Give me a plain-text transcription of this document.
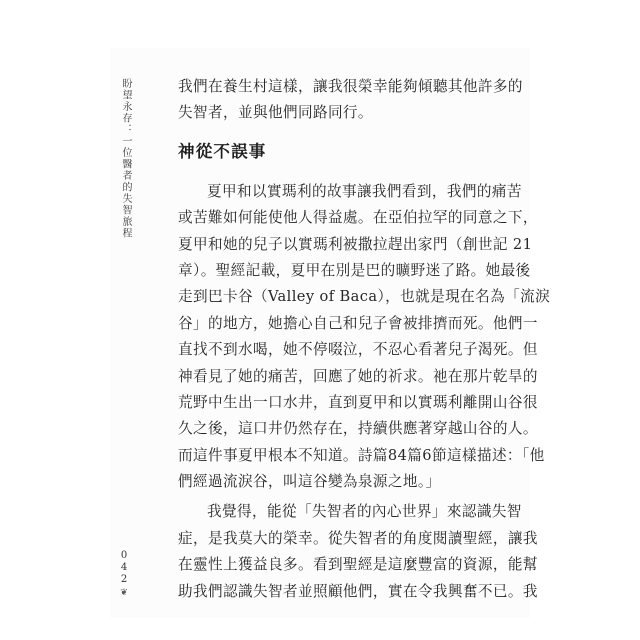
盼望永存：一位醫者的失智旅程
0
4
2
❦
我們在養生村這樣，讓我很榮幸能夠傾聽其他許多的
失智者，並與他們同路同行。
神從不誤事
夏甲和以實瑪利的故事讓我們看到，我們的痛苦
或苦難如何能使他人得益處。在亞伯拉罕的同意之下，
夏甲和她的兒子以實瑪利被撒拉趕出家門（創世記 21
章）。聖經記載，夏甲在別是巴的曠野迷了路。她最後
走到巴卡谷（Valley of Baca），也就是現在名為「流淚
谷」的地方，她擔心自己和兒子會被排擠而死。他們一
直找不到水喝，她不停啜泣，不忍心看著兒子渴死。但
神看見了她的痛苦，回應了她的祈求。祂在那片乾旱的
荒野中生出一口水井，直到夏甲和以實瑪利離開山谷很
久之後，這口井仍然存在，持續供應著穿越山谷的人。
而這件事夏甲根本不知道。詩篇84篇6節這樣描述：「他
們經過流淚谷，叫這谷變為泉源之地。」
我覺得，能從「失智者的內心世界」來認識失智
症，是我莫大的榮幸。從失智者的角度閱讀聖經，讓我
在靈性上獲益良多。看到聖經是這麼豐富的資源，能幫
助我們認識失智者並照顧他們，實在令我興奮不已。我
